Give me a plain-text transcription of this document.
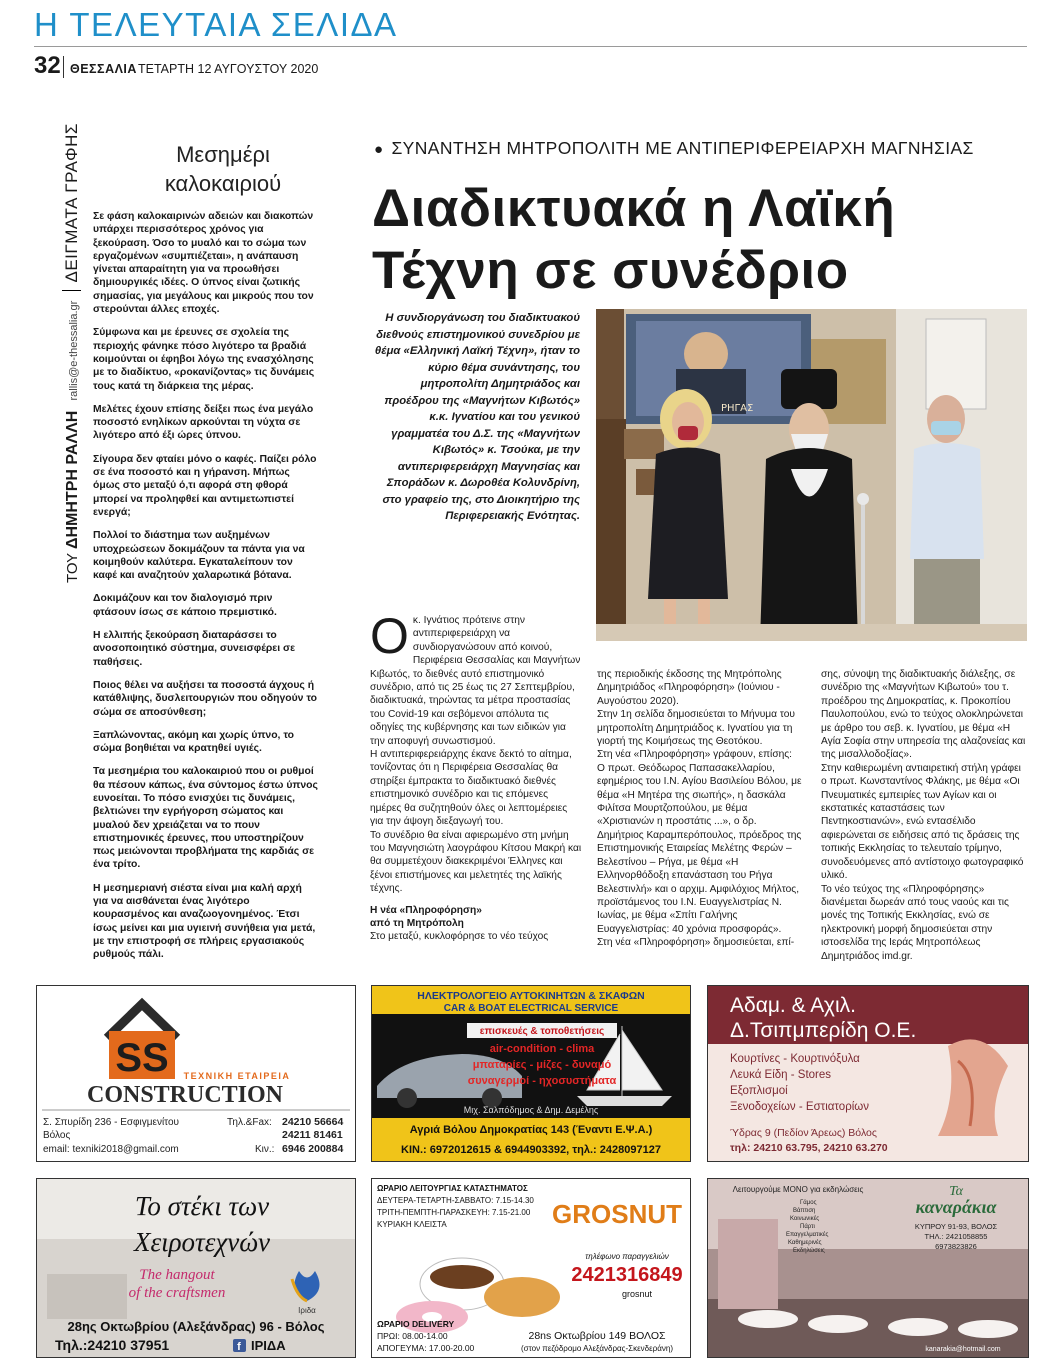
Η ΤΕΛΕΥΤΑΙΑ ΣΕΛΙΔΑ
32 ΘΕΣΣΑΛΙΑ ΤΕΤΑΡΤΗ 12 ΑΥΓΟΥΣΤΟΥ 2020
ΤΟΥ ΔΗΜΗΤΡΗ ΡΑΛΛΗ rallis@e-thessalia.gr ΔΕΙΓΜΑΤΑ ΓΡΑΦΗΣ	Μεσημέρι
καλοκαιριού

Σε φάση καλοκαιρινών αδειών και διακοπών υπάρχει περισσότερος χρόνος για ξεκούραση. Όσο το μυαλό και το σώμα των εργαζομένων «συμπιέζεται», η ανάπαυση γίνεται απαραίτητη για να προωθήσει δημιουργικές ιδέες. Ο ύπνος είναι ζωτικής σημασίας, για μεγάλους και μικρούς που τον στερούνται άλλες εποχές.

Σύμφωνα και με έρευνες σε σχολεία της περιοχής φάνηκε πόσο λιγότερο τα βραδιά κοιμούνται οι έφηβοι λόγω της ενασχόλησης με το διαδίκτυο, «ροκανίζοντας» τις δυνάμεις τους κατά τη διάρκεια της μέρας.

Μελέτες έχουν επίσης δείξει πως ένα μεγάλο ποσοστό ενηλίκων αρκούνται τη νύχτα σε λιγότερο από έξι ώρες ύπνου.

Σίγουρα δεν φταίει μόνο ο καφές. Παίζει ρόλο σε ένα ποσοστό και η γήρανση. Μήπως όμως στο μεταξύ ό,τι αφορά στη φθορά μπορεί να προληφθεί και αντιμετωπιστεί ενεργά;

Πολλοί το διάστημα των αυξημένων υποχρεώσεων δοκιμάζουν τα πάντα για να κοιμηθούν καλύτερα. Εγκαταλείπουν τον καφέ και αναζητούν χαλαρωτικά βότανα.

Δοκιμάζουν και τον διαλογισμό πριν φτάσουν ίσως σε κάποιο πρεμιστικό.

Η ελλιπής ξεκούραση διαταράσσει το ανοσοποιητικό σύστημα, συνεισφέρει σε παθήσεις.

Ποιος θέλει να αυξήσει τα ποσοστά άγχους ή κατάθλιψης, δυσλειτουργιών που οδηγούν το σώμα σε αποσύνθεση;

Ξαπλώνοντας, ακόμη και χωρίς ύπνο, το σώμα βοηθιέται να κρατηθεί υγιές.

Τα μεσημέρια του καλοκαιριού που οι ρυθμοί θα πέσουν κάπως, ένα σύντομος έστω ύπνος ευνοείται. Το πόσο ενισχύει τις δυνάμεις, βελτιώνει την εγρήγορση σώματος και μυαλού δεν χρειάζεται να το πουν επιστημονικές έρευνες, που υποστηρίζουν πως μειώνονται προβλήματα της καρδιάς σε ένα τρίτο.

Η μεσημεριανή σιέστα είναι μια καλή αρχή για να αισθάνεται ένας λιγότερο κουρασμένος και αναζωογονημένος. Έτσι ίσως μείνει και μια υγιεινή συνήθεια για μετά, με την επιστροφή σε πλήρεις εργασιακούς ρυθμούς πάλι.

● ΣΥΝΑΝΤΗΣΗ ΜΗΤΡΟΠΟΛΙΤΗ ΜΕ ΑΝΤΙΠΕΡΙΦΕΡΕΙΑΡΧΗ ΜΑΓΝΗΣΙΑΣ
Διαδικτυακά η Λαϊκή
Τέχνη σε συνέδριο
Η συνδιοργάνωση του διαδικτυακού διεθνούς επιστημονικού συνεδρίου με θέμα «Ελληνική Λαϊκή Τέχνη», ήταν το κύριο θέμα συνάντησης, του μητροπολίτη Δημητριάδος και προέδρου της «Μαγνήτων Κιβωτός» κ.κ. Ιγνατίου και του γενικού γραμματέα του Δ.Σ. της «Μαγνήτων Κιβωτός» κ. Τσούκα, με την αντιπεριφερειάρχη Μαγνησίας και Σποράδων κ. Δωροθέα Κολυνδρίνη, στο γραφείο της, στο Διοικητήριο της Περιφερειακής Ενότητας.
ΡΗΓΑΣ

Οκ. Ιγνάτιος πρότεινε στην αντιπεριφερειάρχη να συνδιοργανώσουν από κοινού, Περιφέρεια Θεσσαλίας και Μαγνήτων Κιβωτός, το διεθνές αυτό επιστημονικό συνέδριο, από τις 25 έως τις 27 Σεπτεμβρίου, διαδικτυακά, τηρώντας τα μέτρα προστασίας του Covid-19 και σεβόμενοι απόλυτα τις οδηγίες της κυβέρνησης και των ειδικών για την αποφυγή συνωστισμού.

Η αντιπεριφερειάρχης έκανε δεκτό το αίτημα, τονίζοντας ότι η Περιφέρεια Θεσσαλίας θα στηρίξει έμπρακτα το διαδικτυακό διεθνές επιστημονικό συνέδριο και τις επόμενες ημέρες θα συζητηθούν όλες οι λεπτομέρειες για την άψογη διεξαγωγή του.

Το συνέδριο θα είναι αφιερωμένο στη μνήμη του Μαγνησιώτη λαογράφου Κίτσου Μακρή και θα συμμετέχουν διακεκριμένοι Έλληνες και ξένοι επιστήμονες και μελετητές της λαϊκής τέχνης.

Η νέα «Πληροφόρηση»
από τη Μητρόπολη

Στο μεταξύ, κυκλοφόρησε το νέο τεύχος

της περιοδικής έκδοσης της Μητρόπολης Δημητριάδος «Πληροφόρηση» (Ιούνιου - Αυγούστου 2020).

Στην 1η σελίδα δημοσιεύεται το Μήνυμα του μητροπολίτη Δημητριάδος κ. Ιγνατίου για τη γιορτή της Κοιμήσεως της Θεοτόκου.

Στη νέα «Πληροφόρηση» γράφουν, επίσης:

Ο πρωτ. Θεόδωρος Παπασακελλαρίου, εφημέριος του Ι.Ν. Αγίου Βασιλείου Βόλου, με θέμα «Η Μητέρα της σιωπής», η δασκάλα Φιλίτσα Μουρτζοπούλου, με θέμα «Χριστιανών η προστάτις ...», ο δρ. Δημήτριος Καραμπερόπουλος, πρόεδρος της Επιστημονικής Εταιρείας Μελέτης Φερών – Βελεστίνου – Ρήγα, με θέμα «Η Ελληνορθόδοξη επανάσταση του Ρήγα Βελεστινλή» και ο αρχιμ. Αμφιλόχιος Μήλτος, προϊστάμενος του Ι.Ν. Ευαγγελιστρίας Ν. Ιωνίας, με θέμα «Σπίτι Γαλήνης Ευαγγελιστρίας: 40 χρόνια προσφοράς».

Στη νέα «Πληροφόρηση» δημοσιεύεται, επί-

σης, σύνοψη της διαδικτυακής διάλεξης, σε συνέδριο της «Μαγνήτων Κιβωτού» του τ. προέδρου της Δημοκρατίας, κ. Προκοπίου Παυλοπούλου, ενώ το τεύχος ολοκληρώνεται με άρθρο του σεβ. κ. Ιγνατίου, με θέμα «Η Αγία Σοφία στην υπηρεσία της αλαζονείας και της μισαλλοδοξίας».

Στην καθιερωμένη αντιαιρετική στήλη γράφει ο πρωτ. Κωνσταντίνος Φλάκης, με θέμα «Οι Πνευματικές εμπειρίες των Αγίων και οι εκστατικές καταστάσεις των Πεντηκοστιανών», ενώ εντασέλιδο αφιερώνεται σε ειδήσεις από τις δράσεις της τοπικής Εκκλησίας το τελευταίο τρίμηνο, συνοδευόμενες από αντίστοιχο φωτογραφικό υλικό.

Το νέο τεύχος της «Πληροφόρησης» διανέμεται δωρεάν από τους ναούς και τις μονές της Τοπικής Εκκλησίας, ενώ σε ηλεκτρονική μορφή δημοσιεύεται στην ιστοσελίδα της Ιεράς Μητροπόλεως Δημητριάδος imd.gr.

SS ΤΕΧΝΙΚΗ ΕΤΑΙΡΕΙΑ
CONSTRUCTION
Σ. Σπυρίδη 236 - Εσφιγμενίτου
Βόλος
email: texniki2018@gmail.com
Τηλ.&Fax: 24210 56664
24211 81461
Κιν.: 6946 200884
ΗΛΕΚΤΡΟΛΟΓΕΙΟ ΑΥΤΟΚΙΝΗΤΩΝ & ΣΚΑΦΩΝ
CAR & BOAT ELECTRICAL SERVICE
επισκευές & τοποθετήσεις
air-condition - clima
μπαταρίες - μίζες - δυναμό
συναγερμοί - ηχοσυστήματα
Μιχ. Σαλπόδημος & Δημ. Δεμέλης
Αγριά Βόλου Δημοκρατίας 143 (Έναντι Ε.Ψ.Α.)
ΚΙΝ.: 6972012615 & 6944903392, τηλ.: 2428097127
Αδαμ. & Αχιλ.
Δ.Τσιπμπερίδη Ο.Ε.
Κουρτίνες - Κουρτινόξυλα
Λευκά Είδη - Stores
Εξοπλισμοί
Ξενοδοχείων - Εστιατορίων
Ύδρας 9 (Πεδίον Άρεως) Βόλος
τηλ: 24210 63.795, 24210 63.270
Το στέκι των
Χειροτεχνών
The hangout
of the craftsmen
Ιριδα
28ης Οκτωβρίου (Αλεξάνδρας) 96 - Βόλος
Τηλ.:24210 37951	f ΙΡΙΔΑ
ΩΡΑΡΙΟ ΛΕΙΤΟΥΡΓΙΑΣ ΚΑΤΑΣΤΗΜΑΤΟΣ
ΔΕΥΤΕΡΑ-ΤΕΤΑΡΤΗ-ΣΑΒΒΑΤΟ: 7.15-14.30
ΤΡΙΤΗ-ΠΕΜΠΤΗ-ΠΑΡΑΣΚΕΥΗ: 7.15-21.00
ΚΥΡΙΑΚΗ ΚΛΕΙΣΤΑ	GROSNUT
τηλέφωνο παραγγελιών
2421316849
grosnut
ΩΡΑΡΙΟ DELIVERY
ΠΡΩΙ: 08.00-14.00
ΑΠΟΓΕΥΜΑ: 17.00-20.00
28ns Οκτωβρίου 149 ΒΟΛΟΣ
(στον πεζόδρομο Αλεξάνδρας-Σκενδεράνη)
Λειτουργούμε ΜΟΝΟ για εκδηλώσεις
Γάμος
Βάπτιση
Κοινωνικές
Πάρτι
Επαγγελματικές
Καθημερινές
Εκδηλώσεις
Τα
καναράκια
ΚΥΠΡΟΥ 91-93, ΒΟΛΟΣ
ΤΗΛ.: 2421058855
6973823826
kanarakia@hotmail.com
